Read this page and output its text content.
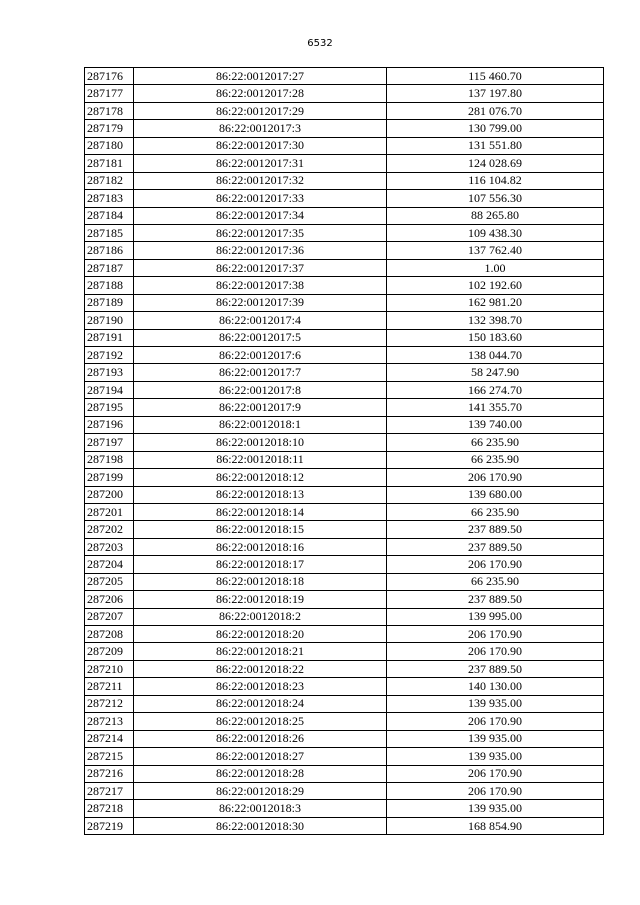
6532
287176	86:22:0012017:27	115 460.70
287177	86:22:0012017:28	137 197.80
287178	86:22:0012017:29	281 076.70
287179	86:22:0012017:3	130 799.00
287180	86:22:0012017:30	131 551.80
287181	86:22:0012017:31	124 028.69
287182	86:22:0012017:32	116 104.82
287183	86:22:0012017:33	107 556.30
287184	86:22:0012017:34	88 265.80
287185	86:22:0012017:35	109 438.30
287186	86:22:0012017:36	137 762.40
287187	86:22:0012017:37	1.00
287188	86:22:0012017:38	102 192.60
287189	86:22:0012017:39	162 981.20
287190	86:22:0012017:4	132 398.70
287191	86:22:0012017:5	150 183.60
287192	86:22:0012017:6	138 044.70
287193	86:22:0012017:7	58 247.90
287194	86:22:0012017:8	166 274.70
287195	86:22:0012017:9	141 355.70
287196	86:22:0012018:1	139 740.00
287197	86:22:0012018:10	66 235.90
287198	86:22:0012018:11	66 235.90
287199	86:22:0012018:12	206 170.90
287200	86:22:0012018:13	139 680.00
287201	86:22:0012018:14	66 235.90
287202	86:22:0012018:15	237 889.50
287203	86:22:0012018:16	237 889.50
287204	86:22:0012018:17	206 170.90
287205	86:22:0012018:18	66 235.90
287206	86:22:0012018:19	237 889.50
287207	86:22:0012018:2	139 995.00
287208	86:22:0012018:20	206 170.90
287209	86:22:0012018:21	206 170.90
287210	86:22:0012018:22	237 889.50
287211	86:22:0012018:23	140 130.00
287212	86:22:0012018:24	139 935.00
287213	86:22:0012018:25	206 170.90
287214	86:22:0012018:26	139 935.00
287215	86:22:0012018:27	139 935.00
287216	86:22:0012018:28	206 170.90
287217	86:22:0012018:29	206 170.90
287218	86:22:0012018:3	139 935.00
287219	86:22:0012018:30	168 854.90
